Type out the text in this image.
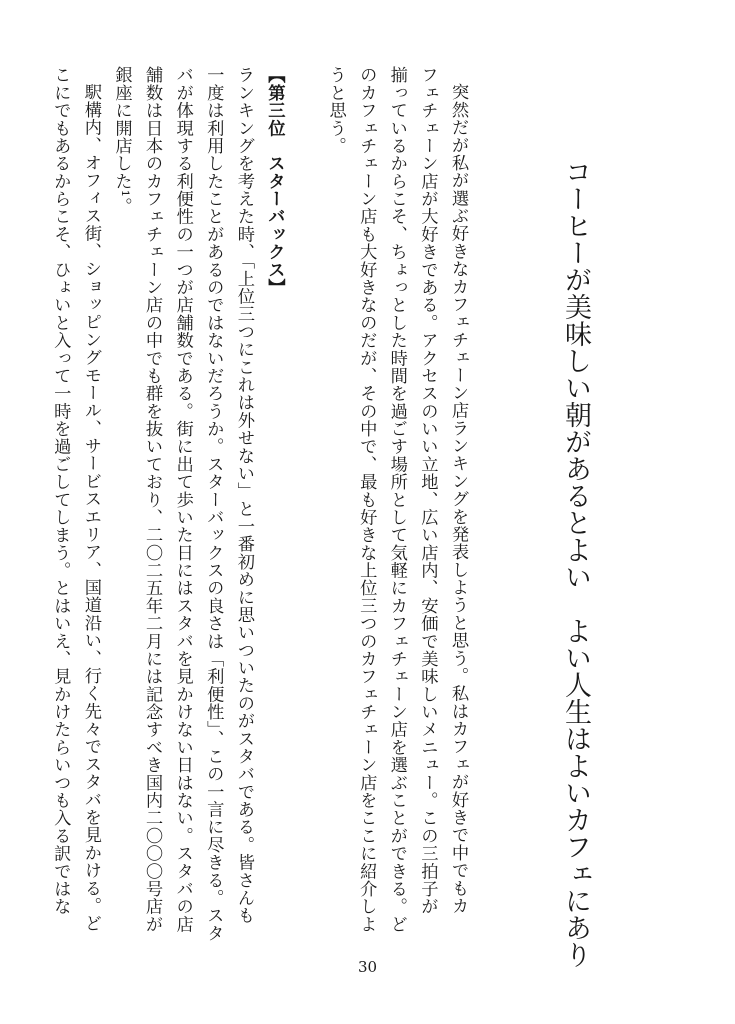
コーヒーが美味しい朝があるとよい　よい人生はよいカフェにあり

突然だが私が選ぶ好きなカフェチェーン店ランキングを発表しようと思う。私はカフェが好きで中でもカ

フェチェーン店が大好きである。アクセスのいい立地、広い店内、安価で美味しいメニュー。この三拍子が

揃っているからこそ、ちょっとした時間を過ごす場所として気軽にカフェチェーン店を選ぶことができる。ど

のカフェチェーン店も大好きなのだが、その中で、最も好きな上位三つのカフェチェーン店をここに紹介しよ

うと思う。

【第三位　スターバックス】

ランキングを考えた時、「上位三つにこれは外せない」と一番初めに思いついたのがスタバである。皆さんも

一度は利用したことがあるのではないだろうか。スターバックスの良さは「利便性」、この一言に尽きる。スタ

バが体現する利便性の一つが店舗数である。街に出て歩いた日にはスタバを見かけない日はない。スタバの店

舗数は日本のカフェチェーン店の中でも群を抜いており、二〇二五年二月には記念すべき国内二〇〇〇号店が

銀座に開店した¹。

駅構内、オフィス街、ショッピングモール、サービスエリア、国道沿い、行く先々でスタバを見かける。ど

こにでもあるからこそ、ひょいと入って一時を過ごしてしまう。とはいえ、見かけたらいつも入る訳ではな

30
